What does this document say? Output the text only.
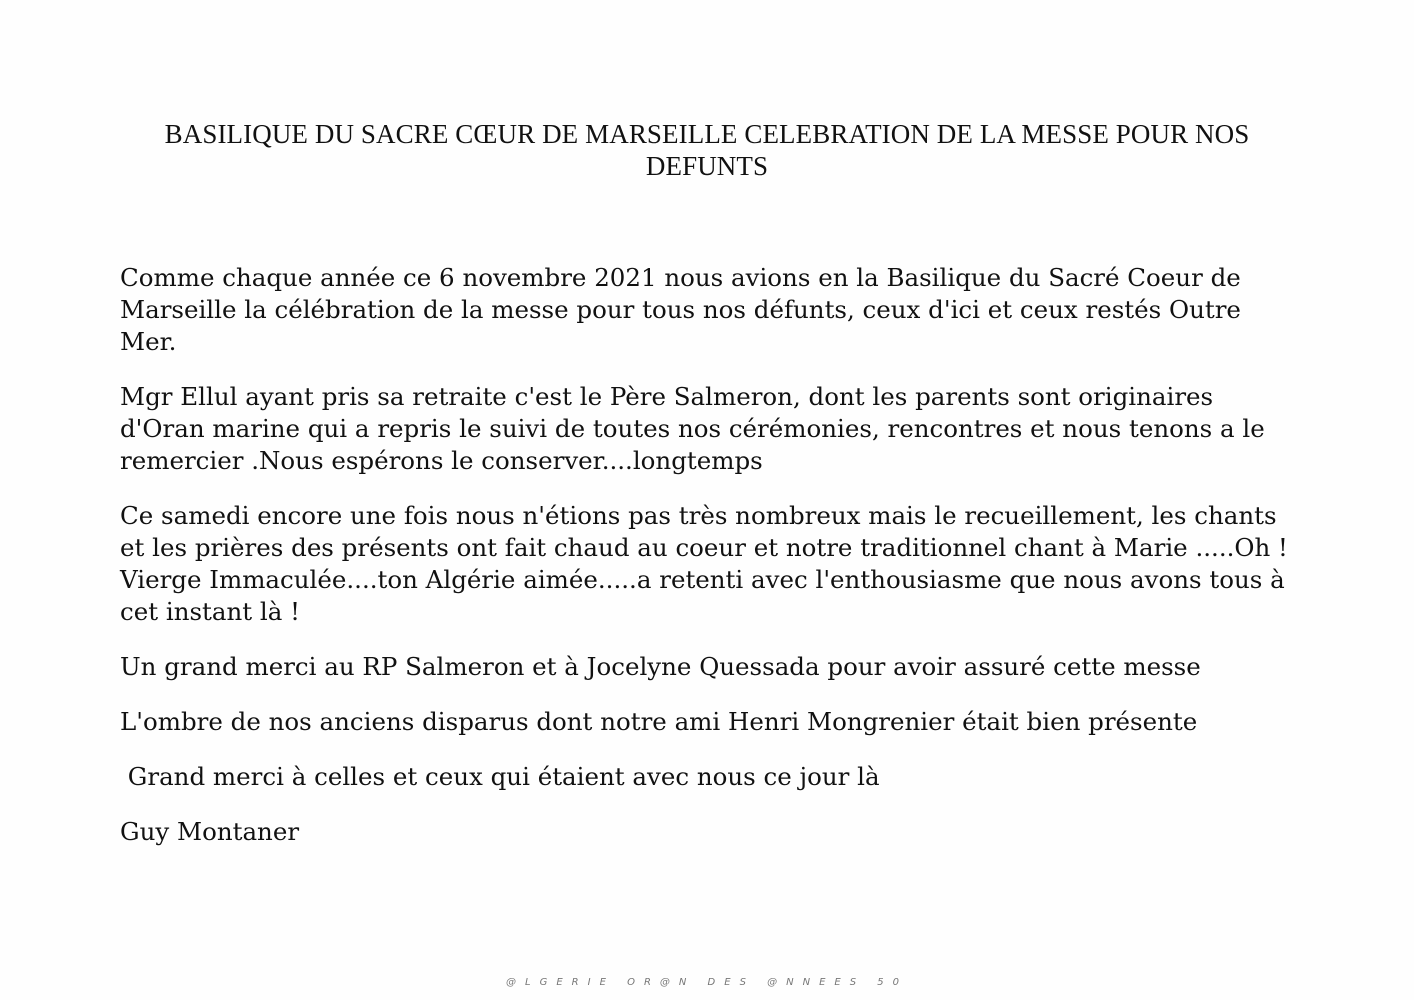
BASILIQUE DU SACRE CŒUR DE MARSEILLE CELEBRATION DE LA MESSE POUR NOS DEFUNTS

Comme chaque année ce 6 novembre 2021 nous avions en la Basilique du Sacré Coeur de Marseille la célébration de la messe pour tous nos défunts, ceux d'ici et ceux restés Outre Mer.

Mgr Ellul ayant pris sa retraite c'est le Père Salmeron, dont les parents sont originaires d'Oran marine qui a repris le suivi de toutes nos cérémonies, rencontres et nous tenons a le remercier .Nous espérons le conserver....longtemps

Ce samedi encore une fois nous n'étions pas très nombreux mais le recueillement, les chants et les prières des présents ont fait chaud au coeur et notre traditionnel chant à Marie .....Oh ! Vierge Immaculée....ton Algérie aimée.....a retenti avec l'enthousiasme que nous avons tous à cet instant là !

Un grand merci au RP Salmeron et à Jocelyne Quessada pour avoir assuré cette messe

L'ombre de nos anciens disparus dont notre ami Henri Mongrenier était bien présente

Grand merci à celles et ceux qui étaient avec nous ce jour là

Guy Montaner

@LGERIE OR@N DES @NNEES 50
